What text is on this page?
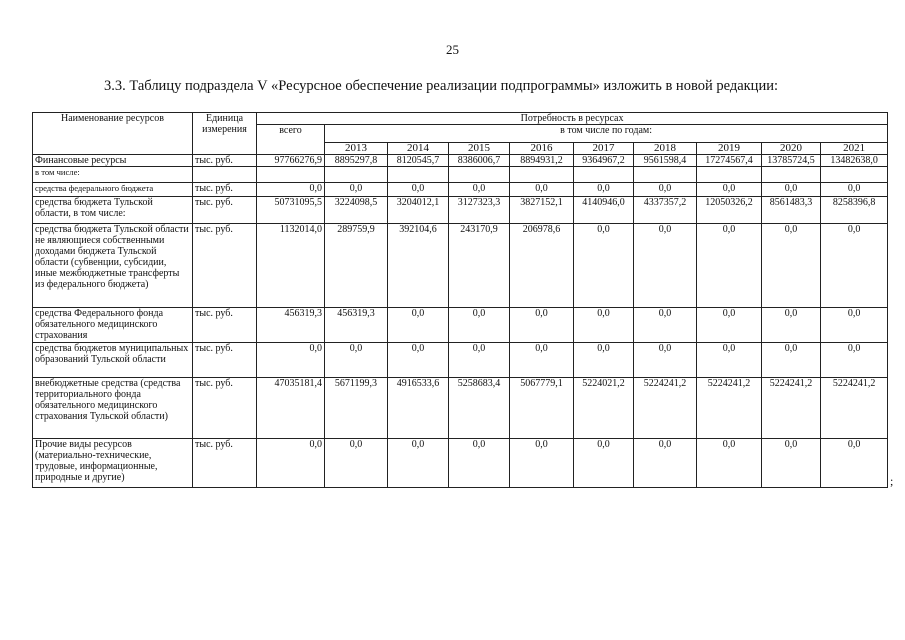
25
3.3. Таблицу подраздела V «Ресурсное обеспечение реализации подпрограммы» изложить в новой редакции:
Наименование ресурсов	Единица измерения	Потребность в ресурсах									
		всего	в том числе по годам:								
			2013	2014	2015	2016	2017	2018	2019	2020	2021
Финансовые ресурсы	тыс. руб.	97766276,9	8895297,8	8120545,7	8386006,7	8894931,2	9364967,2	9561598,4	17274567,4	13785724,5	13482638,0
в том числе:											
средства федерального бюджета	тыс. руб.	0,0	0,0	0,0	0,0	0,0	0,0	0,0	0,0	0,0	0,0
средства бюджета Тульской области, в том числе:	тыс. руб.	50731095,5	3224098,5	3204012,1	3127323,3	3827152,1	4140946,0	4337357,2	12050326,2	8561483,3	8258396,8
средства бюджета Тульской области не являющиеся собственными доходами бюджета Тульской области (субвенции, субсидии, иные межбюджетные трансферты из федерального бюджета)	тыс. руб.	1132014,0	289759,9	392104,6	243170,9	206978,6	0,0	0,0	0,0	0,0	0,0
средства Федерального фонда обязательного медицинского страхования	тыс. руб.	456319,3	456319,3	0,0	0,0	0,0	0,0	0,0	0,0	0,0	0,0
средства бюджетов муниципальных образований Тульской области	тыс. руб.	0,0	0,0	0,0	0,0	0,0	0,0	0,0	0,0	0,0	0,0
внебюджетные средства (средства территориального фонда обязательного медицинского страхования Тульской области)	тыс. руб.	47035181,4	5671199,3	4916533,6	5258683,4	5067779,1	5224021,2	5224241,2	5224241,2	5224241,2	5224241,2
Прочие виды ресурсов (материально-технические, трудовые, информационные, природные и другие)	тыс. руб.	0,0	0,0	0,0	0,0	0,0	0,0	0,0	0,0	0,0	0,0
;
